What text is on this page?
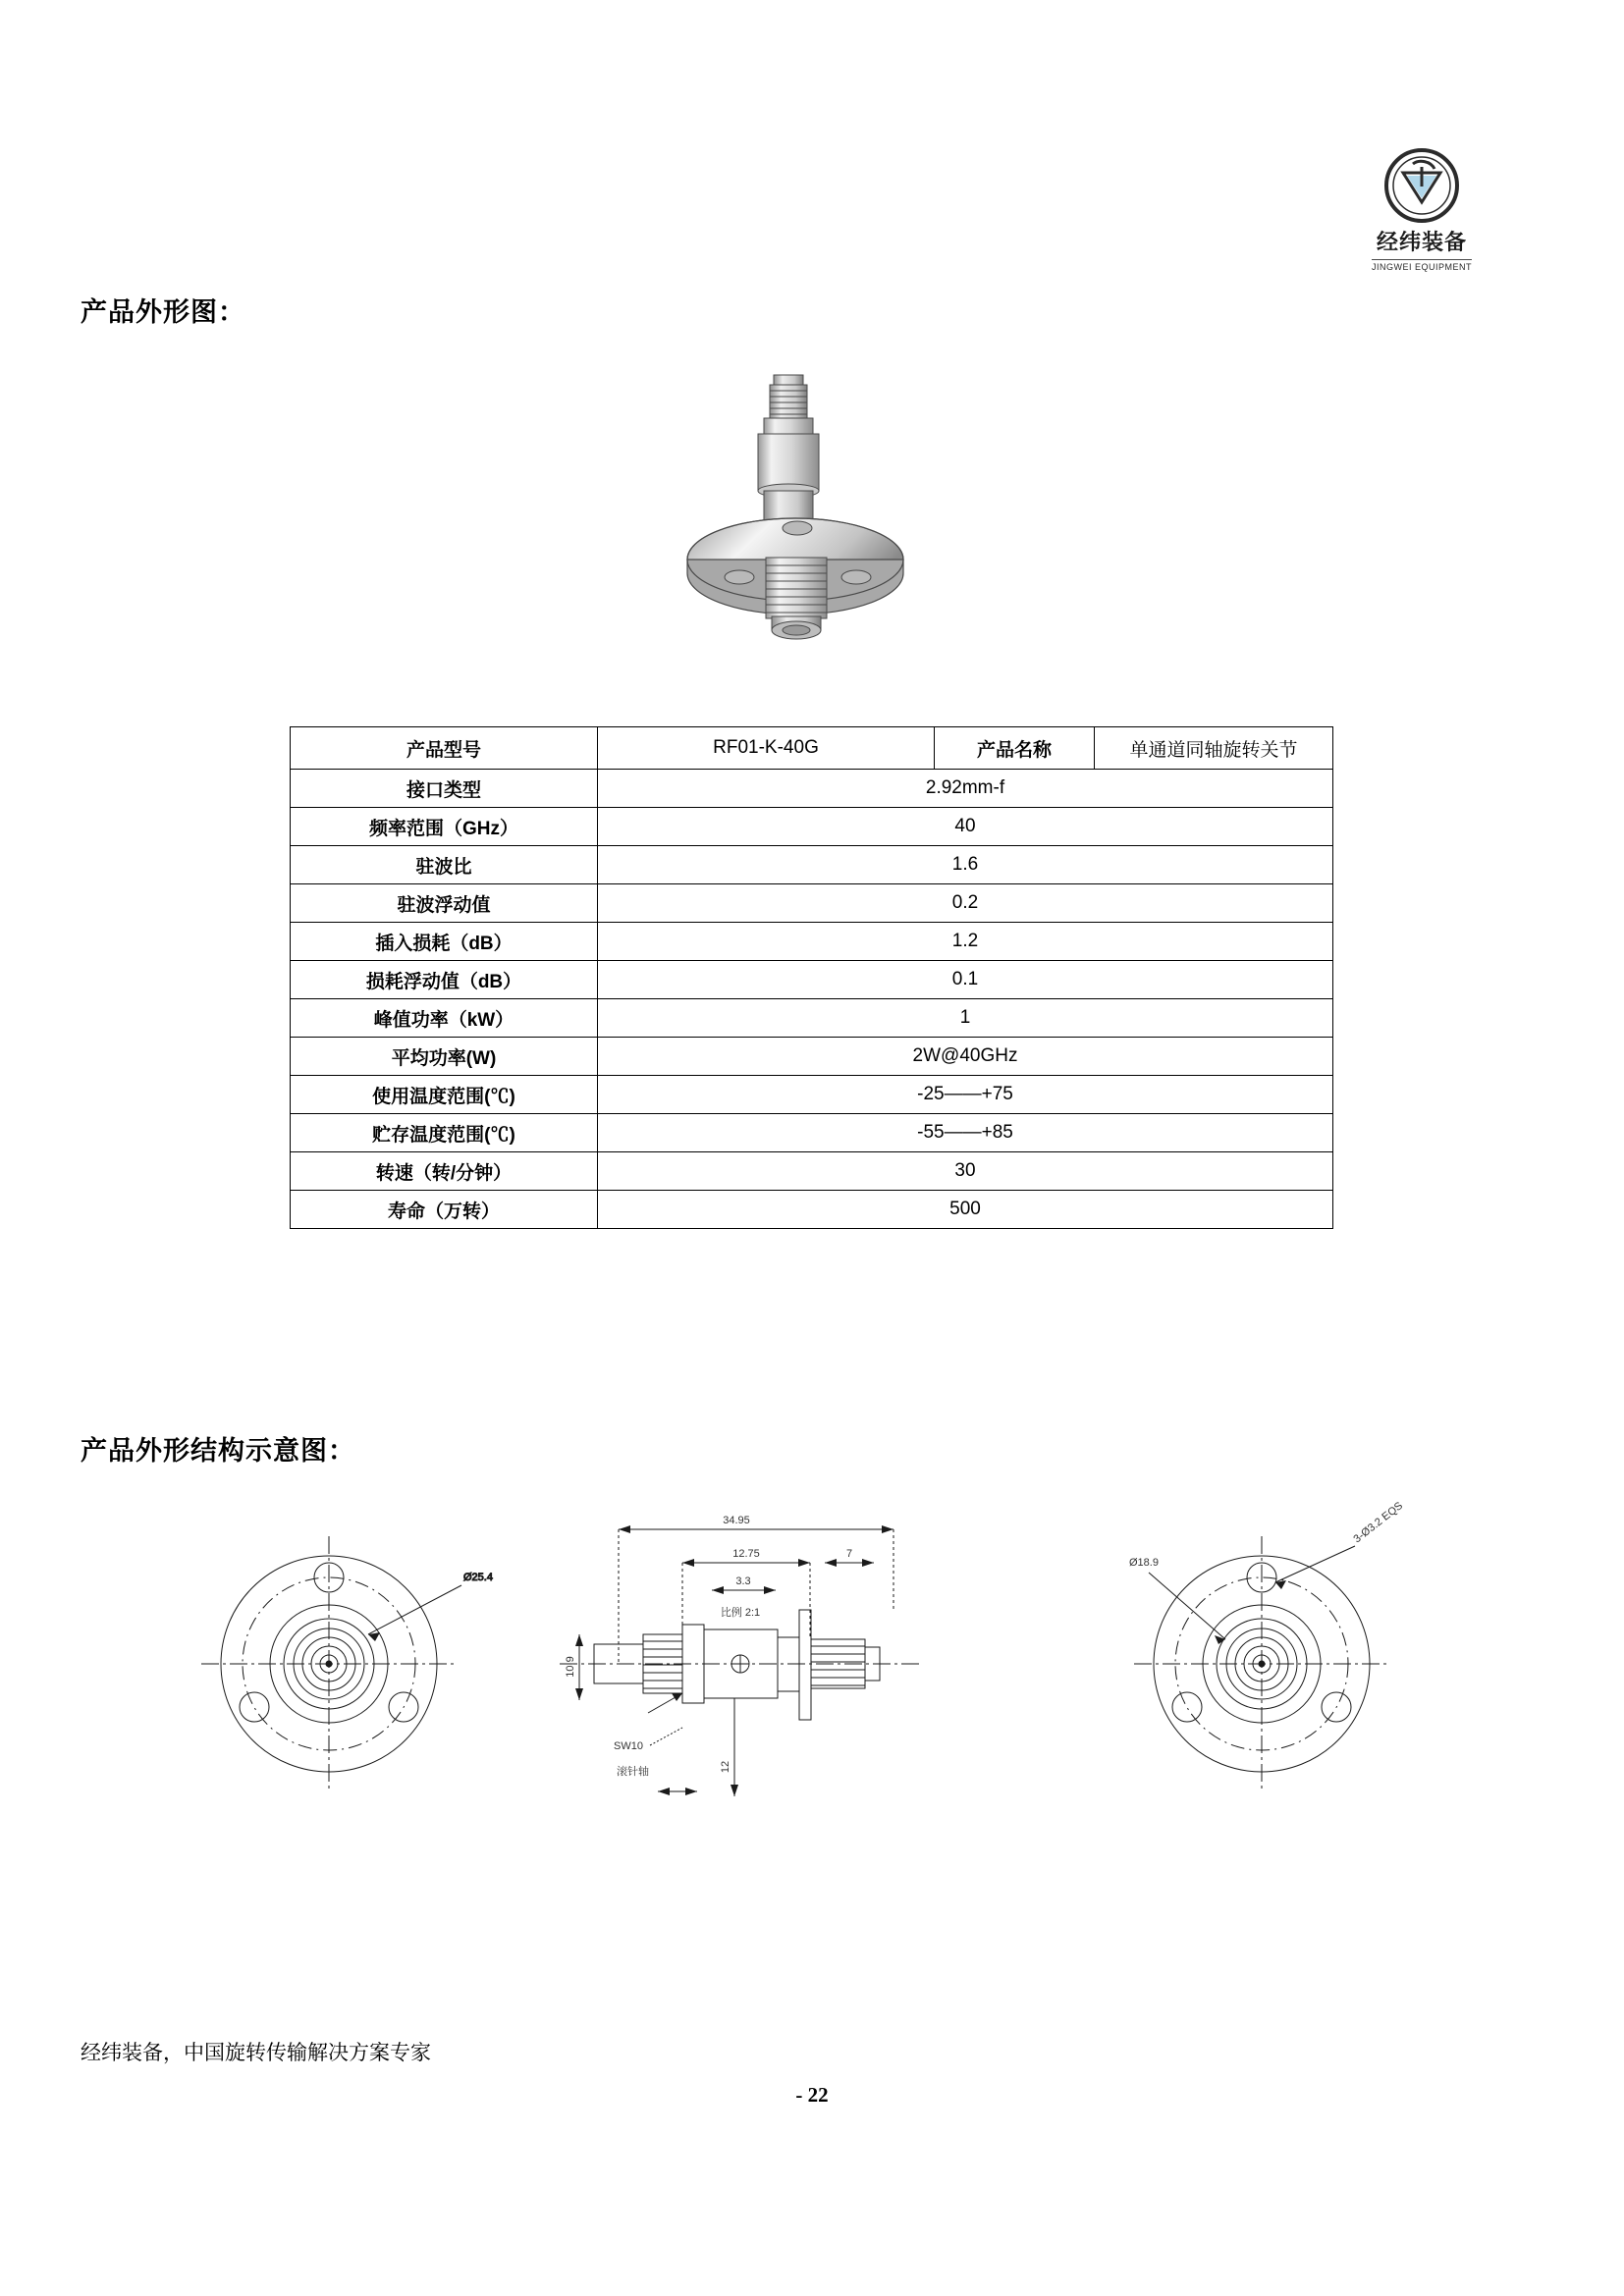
经纬装备
JINGWEI EQUIPMENT
产品外形图：
产品型号	RF01-K-40G	产品名称	单通道同轴旋转关节
接口类型	2.92mm-f		
频率范围（GHz）	40		
驻波比	1.6		
驻波浮动值	0.2		
插入损耗（dB）	1.2		
损耗浮动值（dB）	0.1		
峰值功率（kW）	1		
平均功率(W)	2W@40GHz		
使用温度范围(℃)	-25——+75		
贮存温度范围(℃)	-55——+85		
转速（转/分钟）	30		
寿命（万转）	500		
产品外形结构示意图：
Ø25.4
34.95
12.75	7
3.3
比例 2:1
10.9
12
SW10
滚针轴
Ø18.9
3-Ø3.2 EQS
经纬装备，中国旋转传输解决方案专家
- 22
